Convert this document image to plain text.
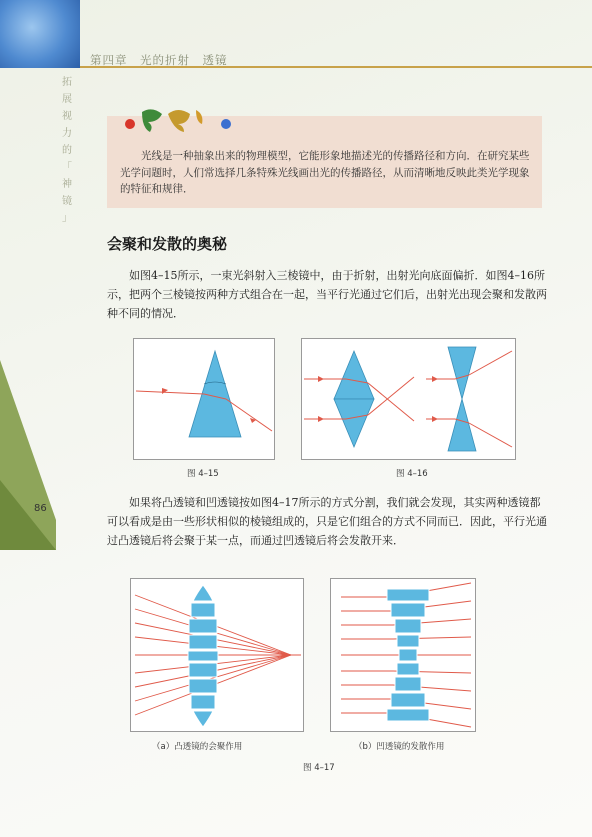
第四章　光的折射　透镜
拓
展
视
力
的
「
神
镜
」
86
光线是一种抽象出来的物理模型，它能形象地描述光的传播路径和方向．在研究某些光学问题时，人们常选择几条特殊光线画出光的传播路径，从而清晰地反映此类光学现象的特征和规律．
会聚和发散的奥秘
如图4–15所示，一束光斜射入三棱镜中，由于折射，出射光向底面偏折．如图4–16所示，把两个三棱镜按两种方式组合在一起，当平行光通过它们后，出射光出现会聚和发散两种不同的情况．
图 4–15	图 4–16
如果将凸透镜和凹透镜按如图4–17所示的方式分割，我们就会发现，其实两种透镜都可以看成是由一些形状相似的棱镜组成的，只是它们组合的方式不同而已．因此，平行光通过凸透镜后将会聚于某一点，而通过凹透镜后将会发散开来．
（a）凸透镜的会聚作用	（b）凹透镜的发散作用
图 4–17
